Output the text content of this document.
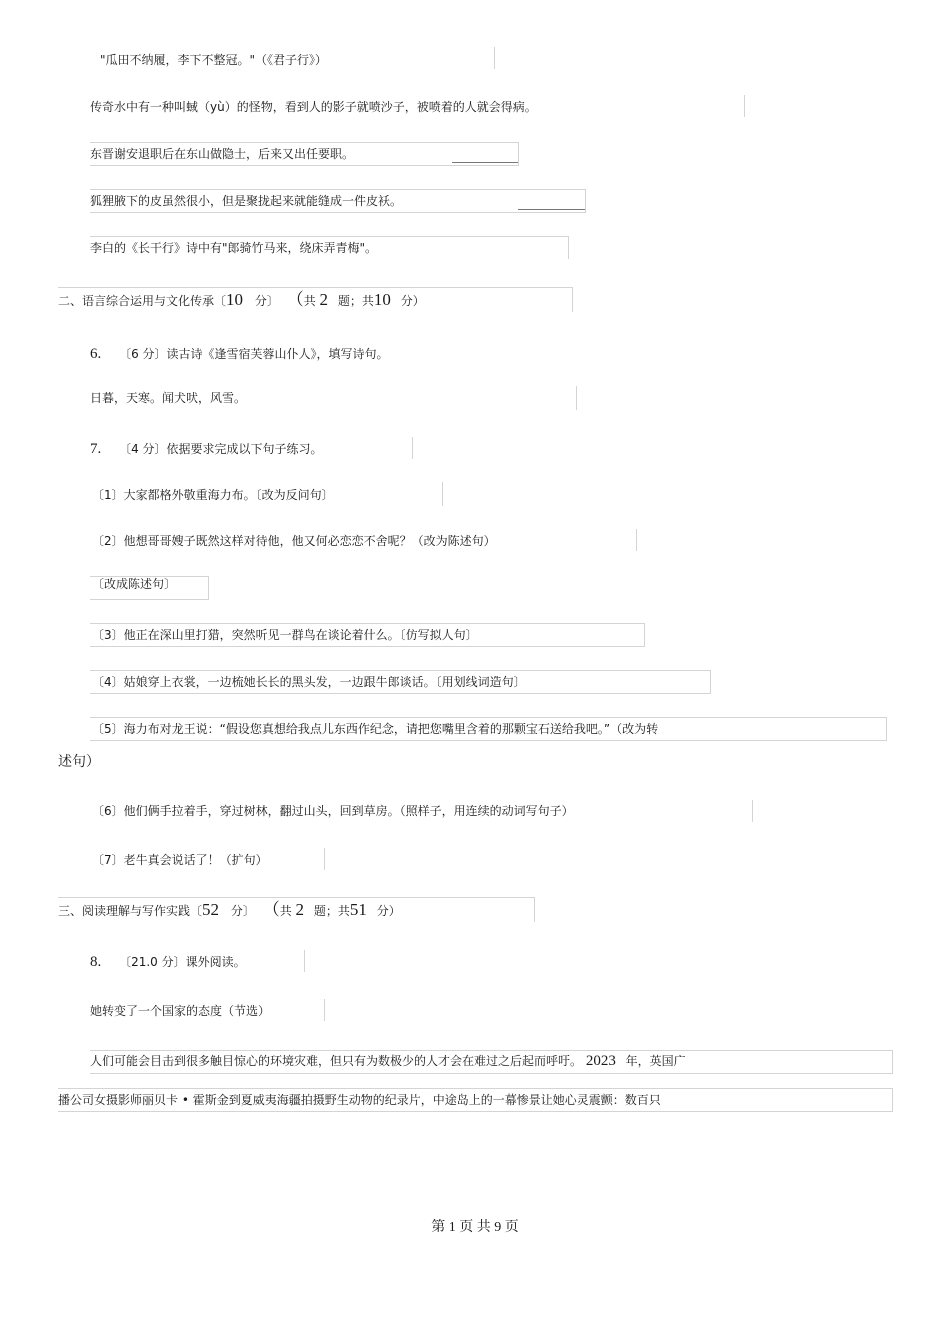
"瓜田不纳履，李下不整冠。"（《君子行》）
传奇水中有一种叫蜮（yù）的怪物，看到人的影子就喷沙子，被喷着的人就会得病。
东晋谢安退职后在东山做隐士，后来又出任要职。
狐狸腋下的皮虽然很小，但是聚拢起来就能缝成一件皮袄。
李白的《长干行》诗中有"郎骑竹马来，绕床弄青梅"。
二、语言综合运用与文化传承〔10 分〕 （共 2 题；共10 分）
6. 〔6 分〕读古诗《逢雪宿芙蓉山仆人》，填写诗句。
日暮，天寒。闻犬吠，风雪。
7. 〔4 分〕依据要求完成以下句子练习。
〔1〕大家都格外敬重海力布。〔改为反问句〕
〔2〕他想哥哥嫂子既然这样对待他，他又何必恋恋不舍呢？（改为陈述句）
〔改成陈述句〕
〔3〕他正在深山里打猎，突然听见一群鸟在谈论着什么。〔仿写拟人句〕
〔4〕姑娘穿上衣裳，一边梳她长长的黑头发，一边跟牛郎谈话。〔用划线词造句〕
〔5〕海力布对龙王说：“假设您真想给我点儿东西作纪念，请把您嘴里含着的那颗宝石送给我吧。”（改为转
述句）
〔6〕他们俩手拉着手，穿过树林，翻过山头，回到草房。（照样子，用连续的动词写句子）
〔7〕老牛真会说话了！（扩句）
三、阅读理解与写作实践〔52 分〕 （共 2 题；共51 分）
8. 〔21.0 分〕课外阅读。
她转变了一个国家的态度（节选）
人们可能会目击到很多触目惊心的环境灾难，但只有为数极少的人才会在难过之后起而呼吁。 2023 年，英国广
播公司女摄影师丽贝卡 • 霍斯金到夏威夷海疆拍摄野生动物的纪录片，中途岛上的一幕惨景让她心灵震颤：数百只
第 1 页 共 9 页
